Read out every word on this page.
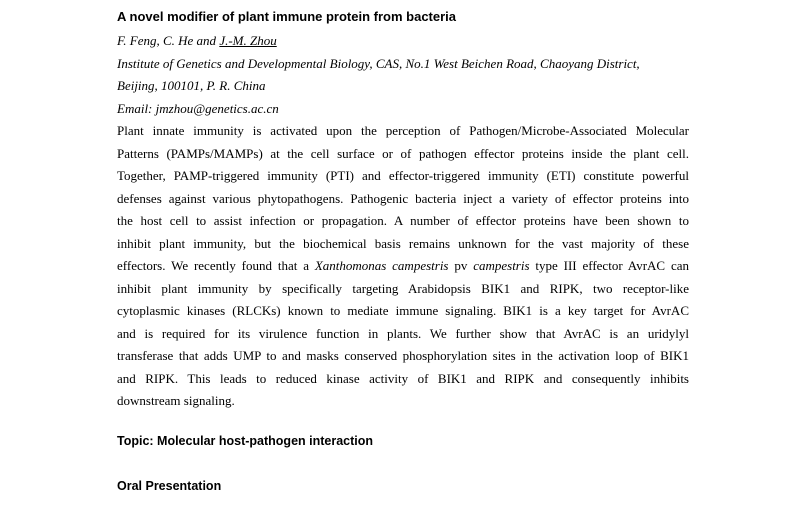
A novel modifier of plant immune protein from bacteria

F. Feng, C. He and J.-M. Zhou

Institute of Genetics and Developmental Biology, CAS, No.1 West Beichen Road, Chaoyang District,

Beijing, 100101, P. R. China

Email: jmzhou@genetics.ac.cn

Plant innate immunity is activated upon the perception of Pathogen/Microbe-Associated Molecular
Patterns (PAMPs/MAMPs) at the cell surface or of pathogen effector proteins inside the plant cell.
Together, PAMP-triggered immunity (PTI) and effector-triggered immunity (ETI) constitute powerful
defenses against various phytopathogens. Pathogenic bacteria inject a variety of effector proteins into
the host cell to assist infection or propagation. A number of effector proteins have been shown to
inhibit plant immunity, but the biochemical basis remains unknown for the vast majority of these
effectors. We recently found that a Xanthomonas campestris pv campestris type III effector AvrAC can
inhibit plant immunity by specifically targeting Arabidopsis BIK1 and RIPK, two receptor-like
cytoplasmic kinases (RLCKs) known to mediate immune signaling. BIK1 is a key target for AvrAC
and is required for its virulence function in plants. We further show that AvrAC is an uridylyl
transferase that adds UMP to and masks conserved phosphorylation sites in the activation loop of BIK1
and RIPK. This leads to reduced kinase activity of BIK1 and RIPK and consequently inhibits
downstream signaling.

Topic: Molecular host-pathogen interaction

Oral Presentation
